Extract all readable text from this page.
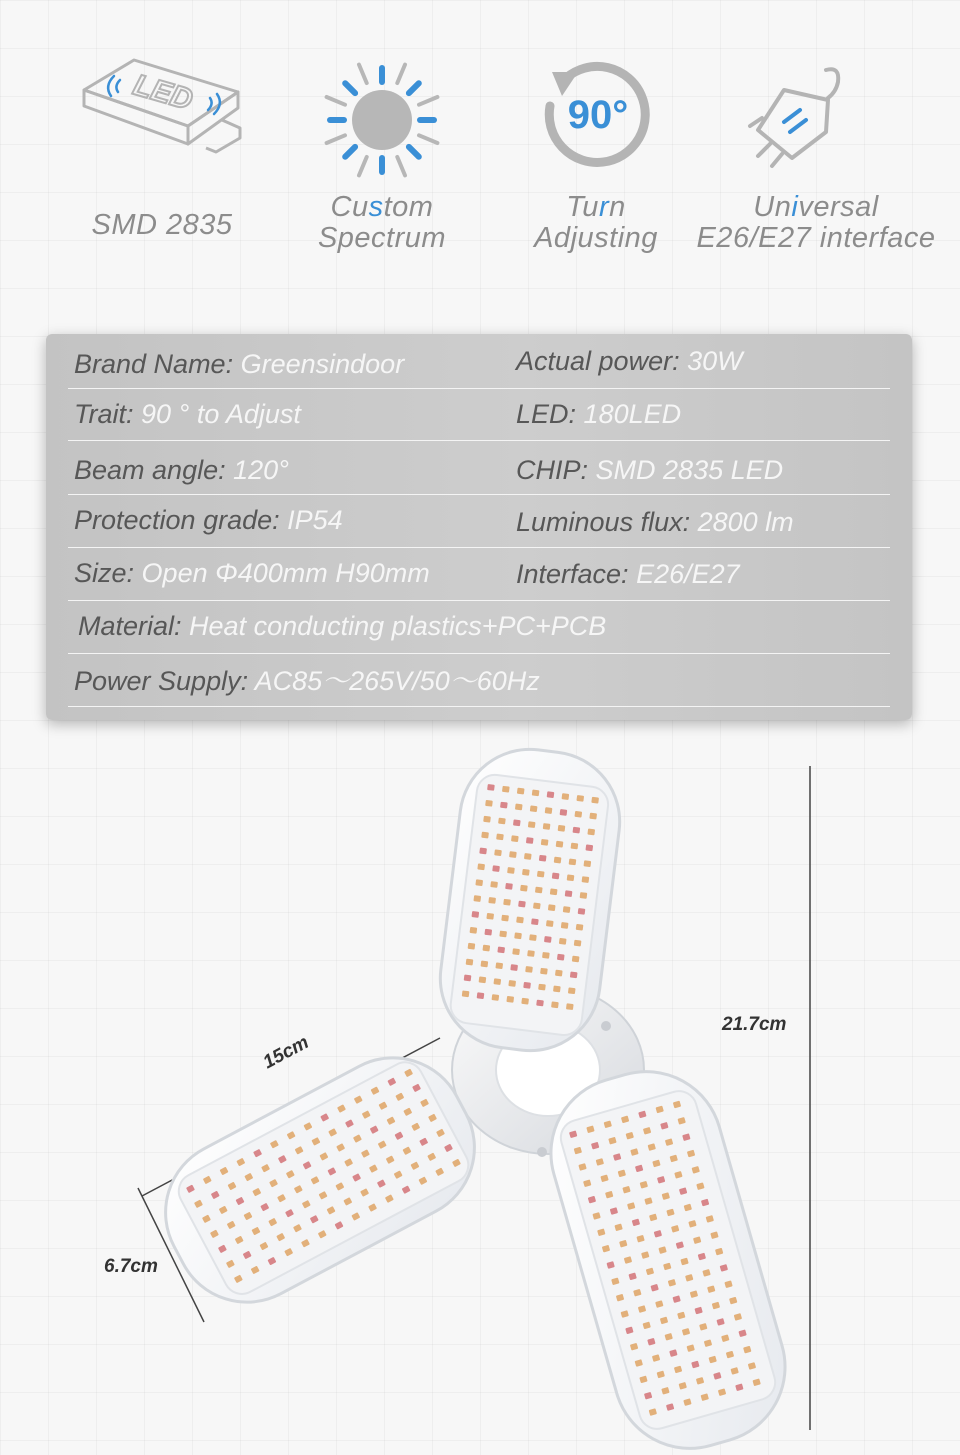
LED
SMD 2835
Custom
Spectrum
90°
Turn
Adjusting
Universal
E26/E27 interface
Brand Name: Greensindoor	Actual power: 30W
Trait: 90 ° to Adjust	LED: 180LED
Beam angle: 120°	CHIP: SMD 2835 LED
Protection grade: IP54	Luminous flux: 2800 lm
Size: Open Φ400mm H90mm	Interface: E26/E27
Material: Heat conducting plastics+PC+PCB
Power Supply: AC85～265V/50～60Hz
15cm
6.7cm
21.7cm
